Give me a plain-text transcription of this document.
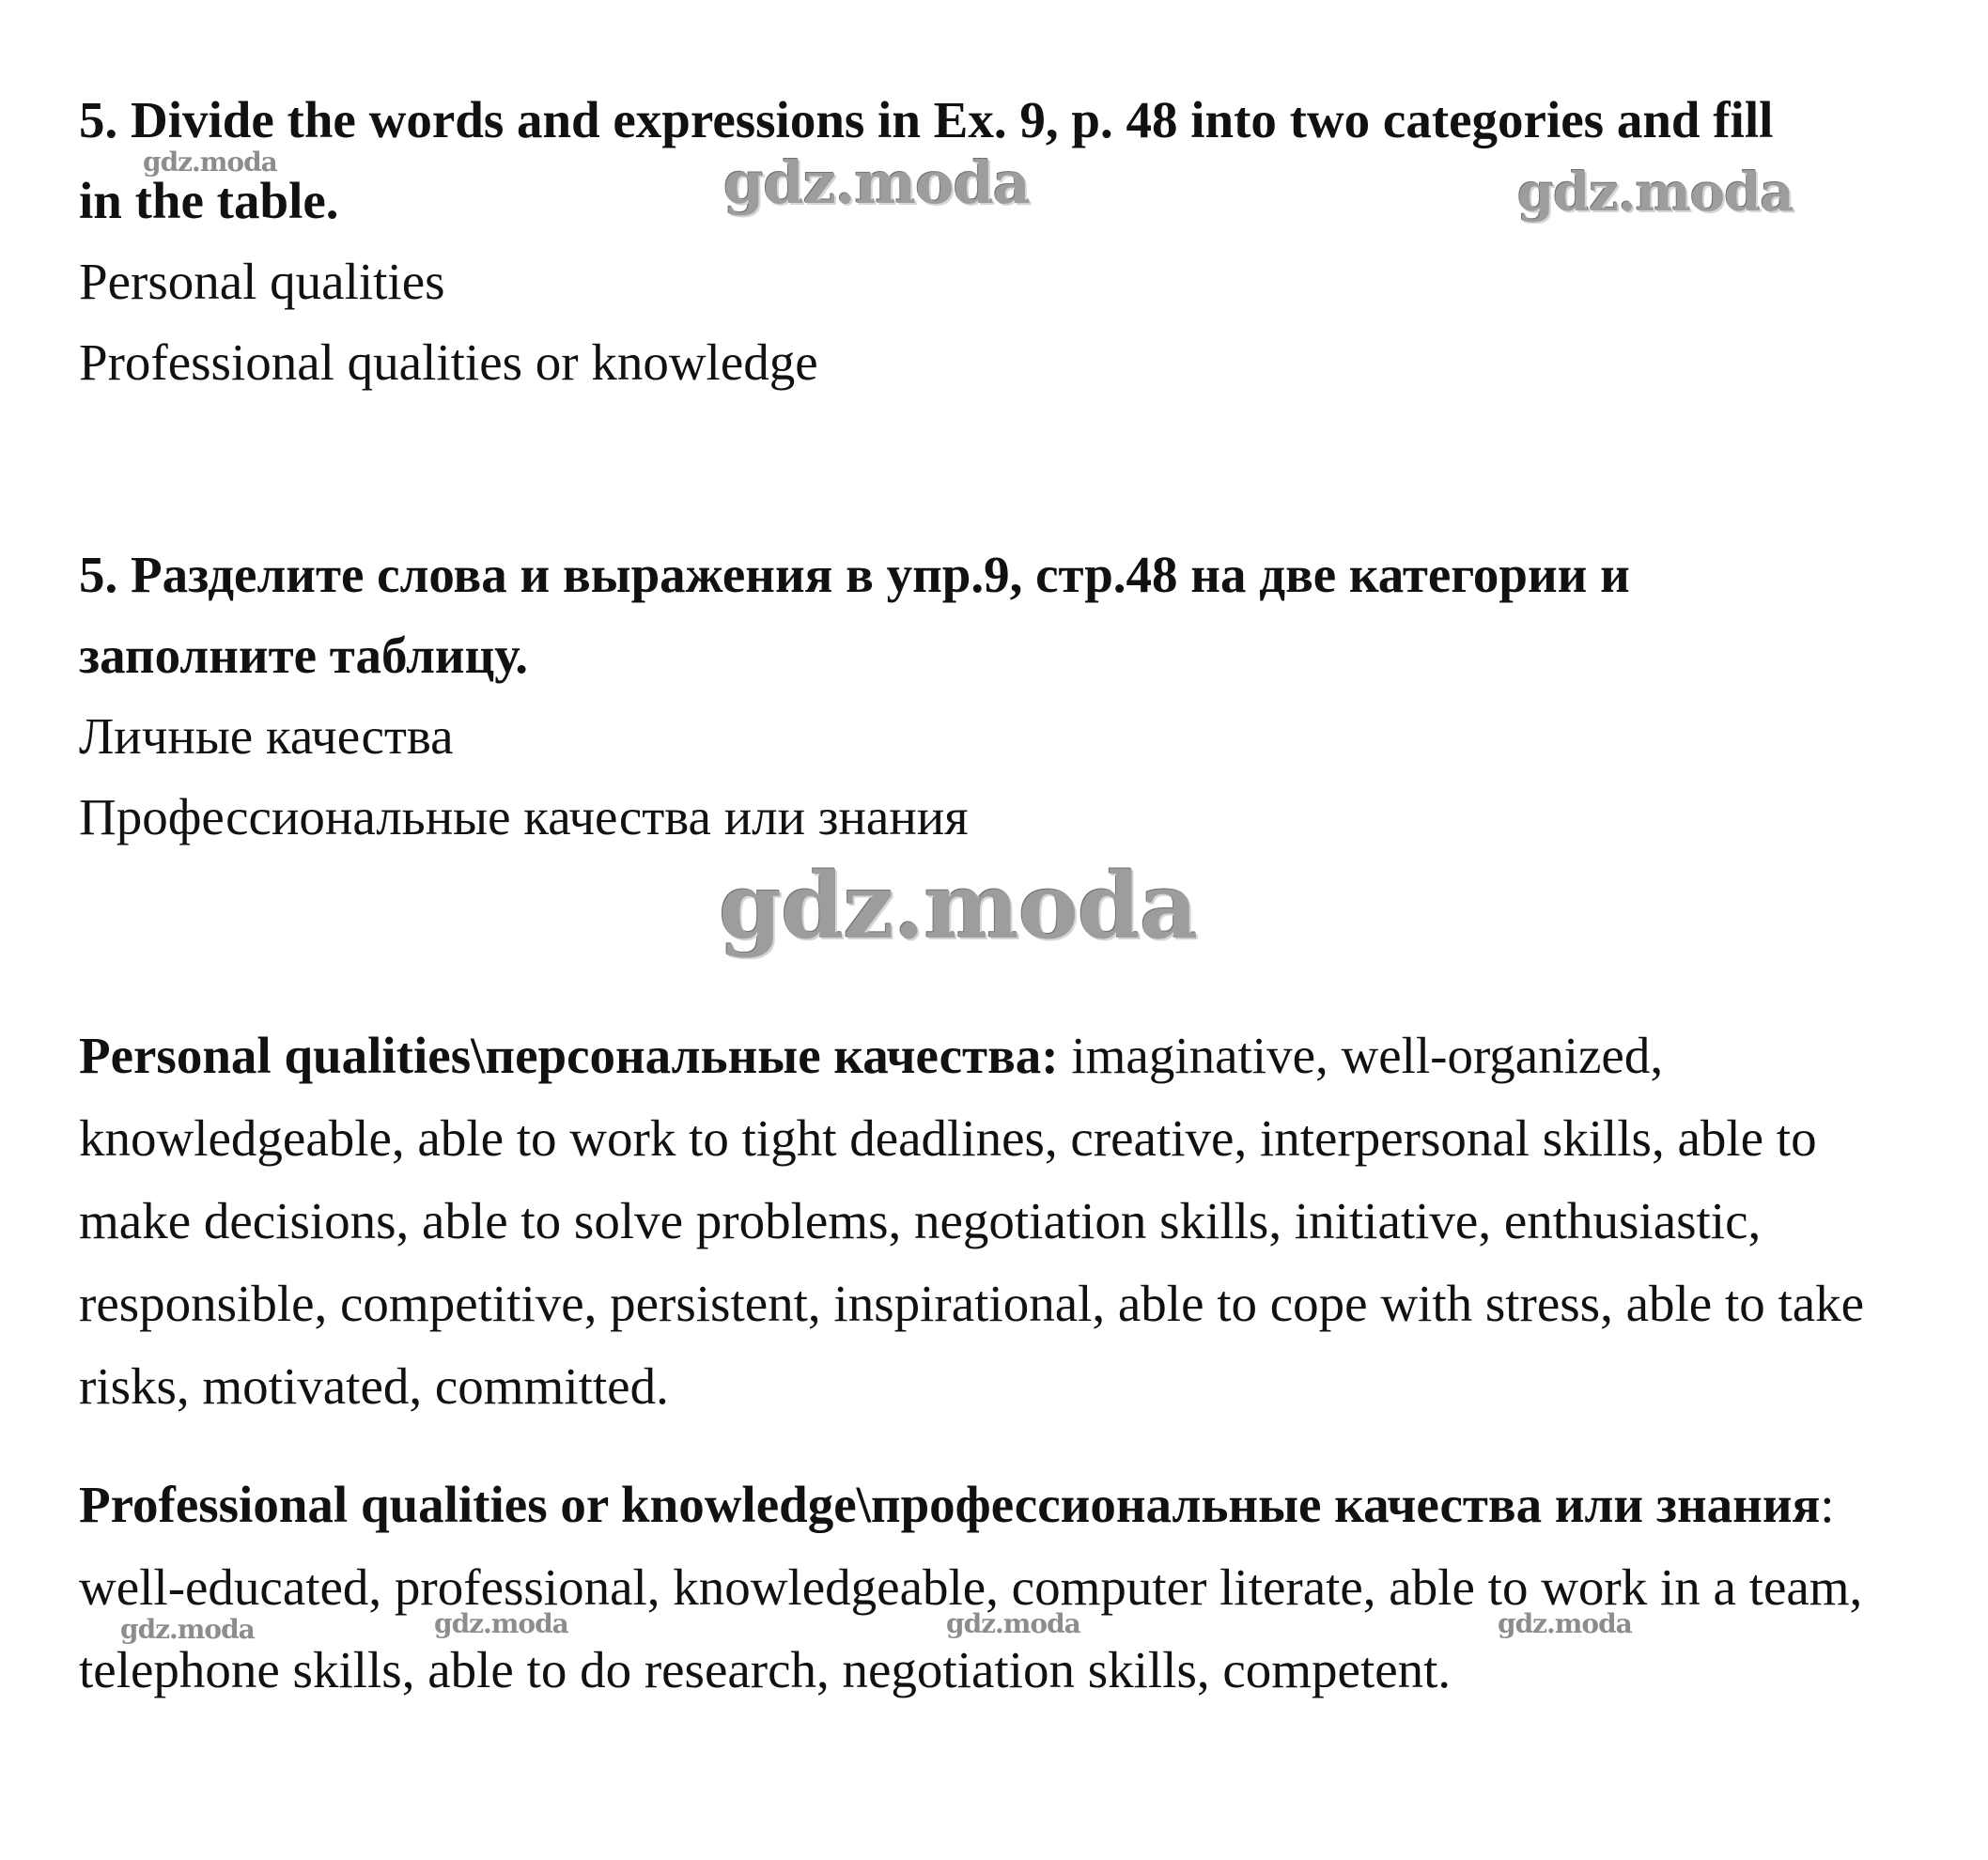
5. Divide the words and expressions in Ex. 9, p. 48 into two categories and fill
in the table.
Personal qualities
Professional qualities or knowledge
5. Разделите слова и выражения в упр.9, стр.48 на две категории и
заполните таблицу.
Личные качества
Профессиональные качества или знания
Personal qualities\персональные качества: imaginative, well-organized, knowledgeable, able to work to tight deadlines, creative, interpersonal skills, able to make decisions, able to solve problems, negotiation skills, initiative, enthusiastic, responsible, competitive, persistent, inspirational, able to cope with stress, able to take risks, motivated, committed.
Professional qualities or knowledge\профессиональные качества или знания: well-educated, professional, knowledgeable, computer literate, able to work in a team, telephone skills, able to do research, negotiation skills, competent.
gdz.moda	gdz.moda	gdz.moda
gdz.moda
gdz.moda	gdz.moda	gdz.moda	gdz.moda
